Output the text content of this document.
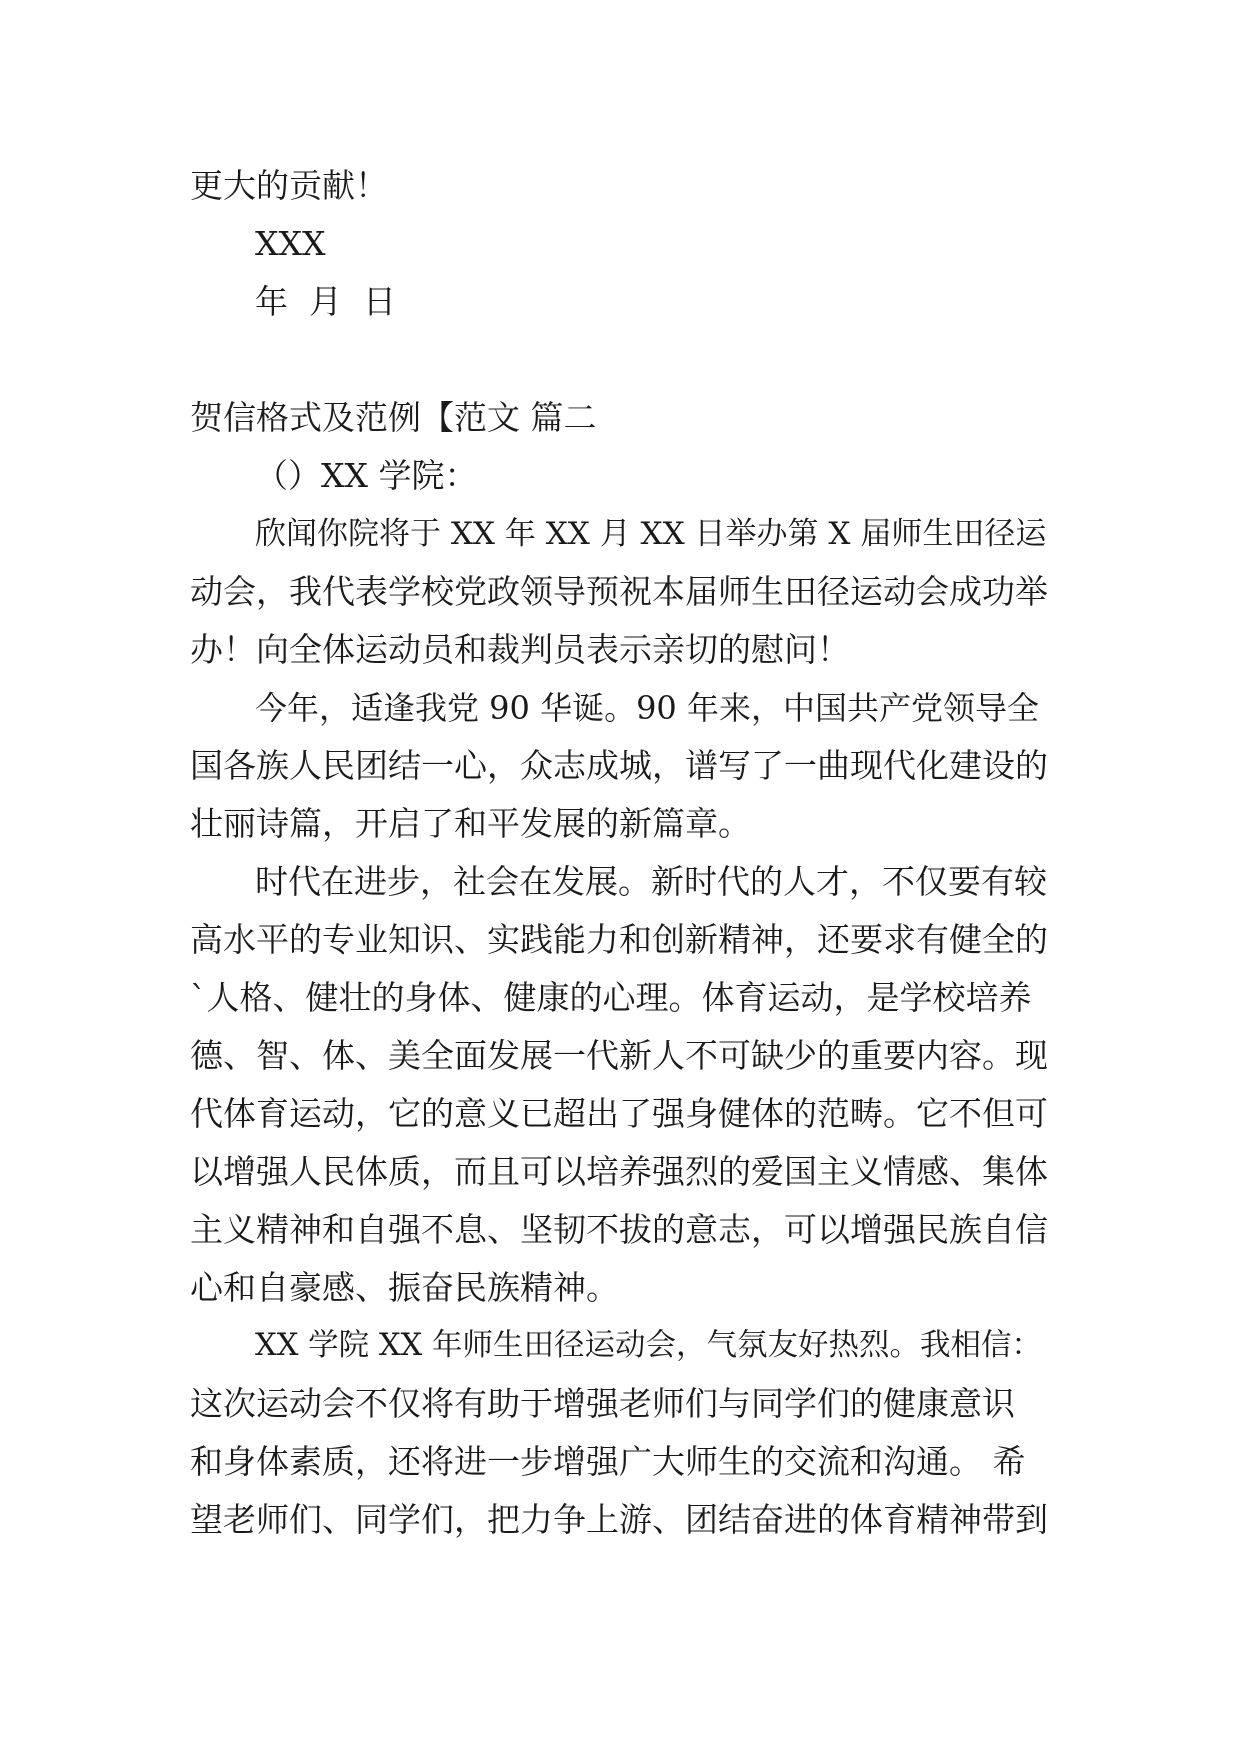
更大的贡献！
XXX
年  月  日
贺信格式及范例【范文 篇二
（）XX 学院：
欣闻你院将于 XX 年 XX 月 XX 日举办第 X 届师生田径运
动会，我代表学校党政领导预祝本届师生田径运动会成功举
办！向全体运动员和裁判员表示亲切的慰问！
今年，适逢我党 90 华诞。90 年来，中国共产党领导全
国各族人民团结一心，众志成城，谱写了一曲现代化建设的
壮丽诗篇，开启了和平发展的新篇章。
时代在进步，社会在发展。新时代的人才，不仅要有较
高水平的专业知识、实践能力和创新精神，还要求有健全的
`人格、健壮的身体、健康的心理。体育运动，是学校培养
德、智、体、美全面发展一代新人不可缺少的重要内容。现
代体育运动，它的意义已超出了强身健体的范畴。它不但可
以增强人民体质，而且可以培养强烈的爱国主义情感、集体
主义精神和自强不息、坚韧不拔的意志，可以增强民族自信
心和自豪感、振奋民族精神。
XX 学院 XX 年师生田径运动会，气氛友好热烈。我相信：
这次运动会不仅将有助于增强老师们与同学们的健康意识
和身体素质，还将进一步增强广大师生的交流和沟通。 希
望老师们、同学们，把力争上游、团结奋进的体育精神带到
